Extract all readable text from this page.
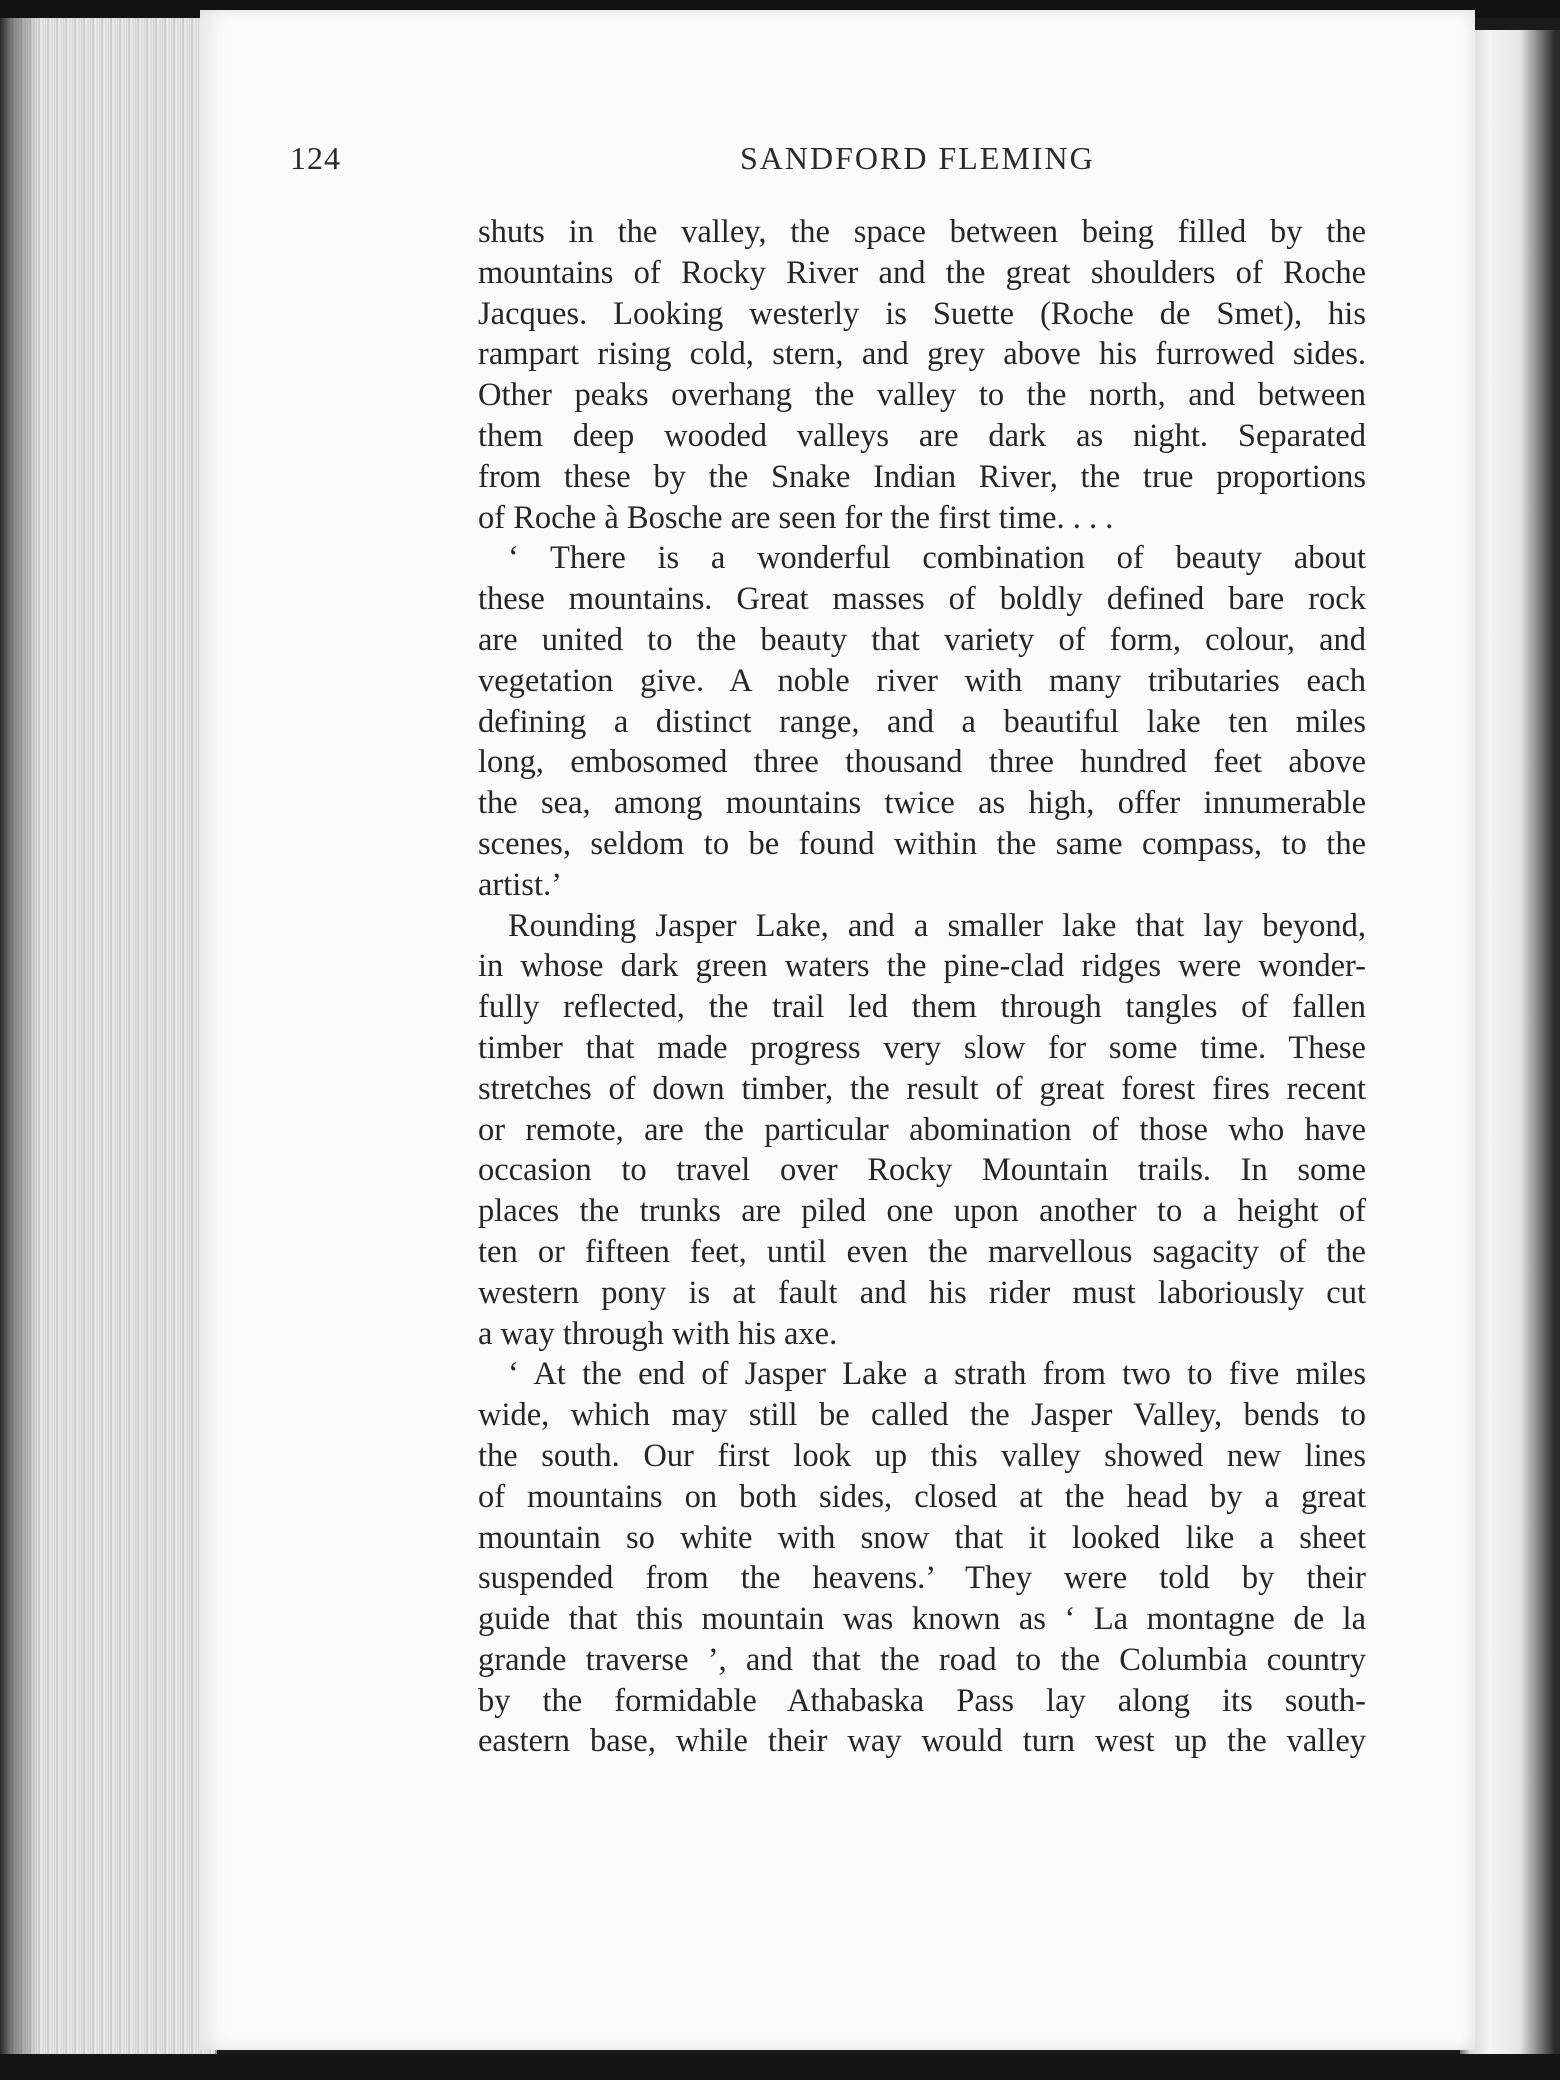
124	SANDFORD FLEMING
shuts in the valley, the space between being filled by the
mountains of Rocky River and the great shoulders of Roche
Jacques. Looking westerly is Suette (Roche de Smet), his
rampart rising cold, stern, and grey above his furrowed sides.
Other peaks overhang the valley to the north, and between
them deep wooded valleys are dark as night. Separated
from these by the Snake Indian River, the true proportions
of Roche à Bosche are seen for the first time. . . .
‘ There is a wonderful combination of beauty about
these mountains. Great masses of boldly defined bare rock
are united to the beauty that variety of form, colour, and
vegetation give. A noble river with many tributaries each
defining a distinct range, and a beautiful lake ten miles
long, embosomed three thousand three hundred feet above
the sea, among mountains twice as high, offer innumerable
scenes, seldom to be found within the same compass, to the
artist.’
Rounding Jasper Lake, and a smaller lake that lay beyond,
in whose dark green waters the pine-clad ridges were wonder-
fully reflected, the trail led them through tangles of fallen
timber that made progress very slow for some time. These
stretches of down timber, the result of great forest fires recent
or remote, are the particular abomination of those who have
occasion to travel over Rocky Mountain trails. In some
places the trunks are piled one upon another to a height of
ten or fifteen feet, until even the marvellous sagacity of the
western pony is at fault and his rider must laboriously cut
a way through with his axe.
‘ At the end of Jasper Lake a strath from two to five miles
wide, which may still be called the Jasper Valley, bends to
the south. Our first look up this valley showed new lines
of mountains on both sides, closed at the head by a great
mountain so white with snow that it looked like a sheet
suspended from the heavens.’ They were told by their
guide that this mountain was known as ‘ La montagne de la
grande traverse ’, and that the road to the Columbia country
by the formidable Athabaska Pass lay along its south-
eastern base, while their way would turn west up the valley
